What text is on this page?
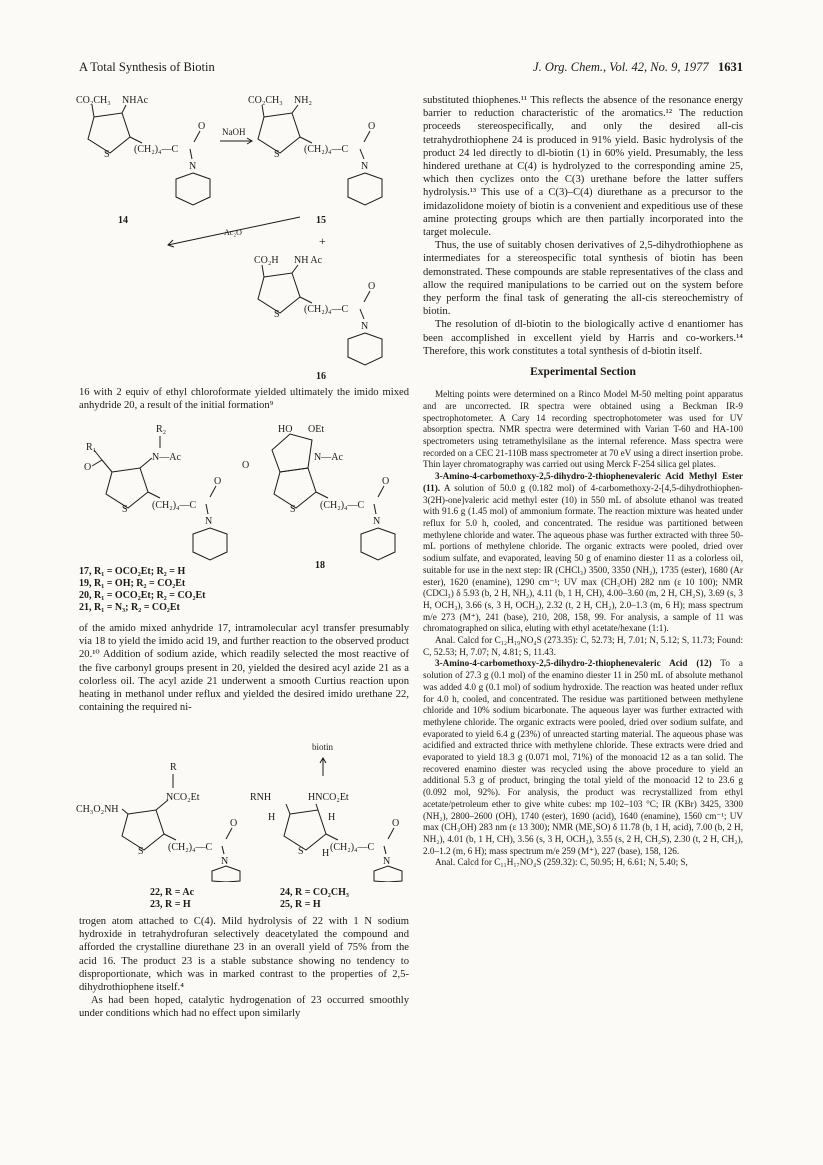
A Total Synthesis of Biotin	J. Org. Chem., Vol. 42, No. 9, 1977 1631
CO₂CH₃ NHAc
S (CH₂)₄—C
O
N
NaOH
CO₂CH₃ NH₂
S (CH₂)₄—C
O
N
14	15
+
Ac₂O
CO₂H NH Ac
S (CH₂)₄—C
O
N
16

16 with 2 equiv of ethyl chloroformate yielded ultimately the imido mixed anhydride 20, a result of the initial formation⁹

R₁
O
R₂
N—Ac
S (CH₂)₄—C
O
N
HO OEt
O
N—Ac
S (CH₂)₄—C
O
N
17, R₁ = OCO₂Et; R₂ = H
19, R₁ = OH; R₂ = CO₂Et
20, R₁ = OCO₂Et; R₂ = CO₂Et
21, R₁ = N₃; R₂ = CO₂Et
18

of the amido mixed anhydride 17, intramolecular acyl transfer presumably via 18 to yield the imido acid 19, and further reaction to the observed product 20.¹⁰ Addition of sodium azide, which readily selected the most reactive of the five carbonyl groups present in 20, yielded the desired acyl azide 21 as a colorless oil. The acyl azide 21 underwent a smooth Curtius reaction upon heating in methanol under reflux and yielded the desired imido urethane 22, containing the required ni-

biotin
CH₃O₂NH
R
NCO₂Et
S (CH₂)₄—C
O
N
RNH	HNCO₂Et
H	H
S H
(CH₂)₄—C
O
N
22, R = Ac
23, R = H
24, R = CO₂CH₃
25, R = H

trogen atom attached to C(4). Mild hydrolysis of 22 with 1 N sodium hydroxide in tetrahydrofuran selectively deacetylated the compound and afforded the crystalline diurethane 23 in an overall yield of 75% from the acid 16. The product 23 is a stable substance showing no tendency to disproportionate, which was in marked contrast to the properties of 2,5-dihydrothiophene itself.⁴

As had been hoped, catalytic hydrogenation of 23 occurred smoothly under conditions which had no effect upon similarly

substituted thiophenes.¹¹ This reflects the absence of the resonance energy barrier to reduction characteristic of the aromatics.¹² The reduction proceeds stereospecifically, and only the desired all-cis tetrahydrothiophene 24 is produced in 91% yield. Basic hydrolysis of the product 24 led directly to dl-biotin (1) in 60% yield. Presumably, the less hindered urethane at C(4) is hydrolyzed to the corresponding amine 25, which then cyclizes onto the C(3) urethane before the latter suffers hydrolysis.¹³ This use of a C(3)–C(4) diurethane as a precursor to the imidazolidone moiety of biotin is a convenient and expeditious use of these amine protecting groups which are then partially incorporated into the target molecule.

Thus, the use of suitably chosen derivatives of 2,5-dihydrothiophene as intermediates for a stereospecific total synthesis of biotin has been demonstrated. These compounds are stable representatives of the class and allow the required manipulations to be carried out on the system before they perform the final task of generating the all-cis stereochemistry of biotin.

The resolution of dl-biotin to the biologically active d enantiomer has been accomplished in excellent yield by Harris and co-workers.¹⁴ Therefore, this work constitutes a total synthesis of d-biotin itself.

Experimental Section

Melting points were determined on a Rinco Model M-50 melting point apparatus and are uncorrected. IR spectra were obtained using a Beckman IR-9 spectrophotometer. A Cary 14 recording spectrophotometer was used for UV absorption spectra. NMR spectra were determined with Varian T-60 and HA-100 spectrometers using tetramethylsilane as the internal reference. Mass spectra were recorded on a CEC 21-110B mass spectrometer at 70 eV using a direct insertion probe. Thin layer chromatography was carried out using Merck F-254 silica gel plates.

3-Amino-4-carbomethoxy-2,5-dihydro-2-thiophenevaleric Acid Methyl Ester (11). A solution of 50.0 g (0.182 mol) of 4-carbomethoxy-2-[4,5-dihydrothiophen-3(2H)-one]valeric acid methyl ester (10) in 550 mL of absolute ethanol was treated with 91.6 g (1.45 mol) of ammonium formate. The reaction mixture was heated under reflux for 5.0 h, cooled, and concentrated. The residue was partitioned between methylene chloride and water. The aqueous phase was further extracted with three 50-mL portions of methylene chloride. The organic extracts were pooled, dried over sodium sulfate, and evaporated, leaving 50 g of enamino diester 11 as a colorless oil, suitable for use in the next step: IR (CHCl₃) 3500, 3350 (NH₂), 1735 (ester), 1680 (Ar ester), 1620 (enamine), 1290 cm⁻¹; UV max (CH₃OH) 282 nm (ε 10 100); NMR (CDCl₃) δ 5.93 (b, 2 H, NH₂), 4.11 (b, 1 H, CH), 4.00–3.60 (m, 2 H, CH₂S), 3.69 (s, 3 H, OCH₃), 3.66 (s, 3 H, OCH₃), 2.32 (t, 2 H, CH₂), 2.0–1.3 (m, 6 H); mass spectrum m/e 273 (M⁺), 241 (base), 210, 208, 158, 99. For analysis, a sample of 11 was chromatographed on silica, eluting with ethyl acetate/hexane (1:1).

Anal. Calcd for C₁₂H₁₉NO₄S (273.35): C, 52.73; H, 7.01; N, 5.12; S, 11.73; Found: C, 52.53; H, 7.07; N, 4.81; S, 11.43.

3-Amino-4-carbomethoxy-2,5-dihydro-2-thiophenevaleric Acid (12) To a solution of 27.3 g (0.1 mol) of the enamino diester 11 in 250 mL of absolute methanol was added 4.0 g (0.1 mol) of sodium hydroxide. The reaction was heated under reflux for 4.0 h, cooled, and concentrated. The residue was partitioned between methylene chloride and 10% sodium bicarbonate. The aqueous layer was further extracted with methylene chloride. The organic extracts were pooled, dried over sodium sulfate, and evaporated to yield 6.4 g (23%) of unreacted starting material. The aqueous phase was acidified and extracted thrice with methylene chloride. These extracts were dried and evaporated to yield 18.3 g (0.071 mol, 71%) of the monoacid 12 as a tan solid. The recovered enamino diester was recycled using the above procedure to yield an additional 5.3 g of product, bringing the total yield of the monoacid 12 to 23.6 g (0.092 mol, 92%). For analysis, the product was recrystallized from ethyl acetate/petroleum ether to give white cubes: mp 102–103 °C; IR (KBr) 3425, 3300 (NH₂), 2800–2600 (OH), 1740 (ester), 1690 (acid), 1640 (enamine), 1560 cm⁻¹; UV max (CH₃OH) 283 nm (ε 13 300); NMR (ME₂SO) δ 11.78 (b, 1 H, acid), 7.00 (b, 2 H, NH₂), 4.01 (b, 1 H, CH), 3.56 (s, 3 H, OCH₃), 3.55 (s, 2 H, CH₂S), 2.30 (t, 2 H, CH₂), 2.0–1.2 (m, 6 H); mass spectrum m/e 259 (M⁺), 227 (base), 158, 126.

Anal. Calcd for C₁₁H₁₇NO₄S (259.32): C, 50.95; H, 6.61; N, 5.40; S,
